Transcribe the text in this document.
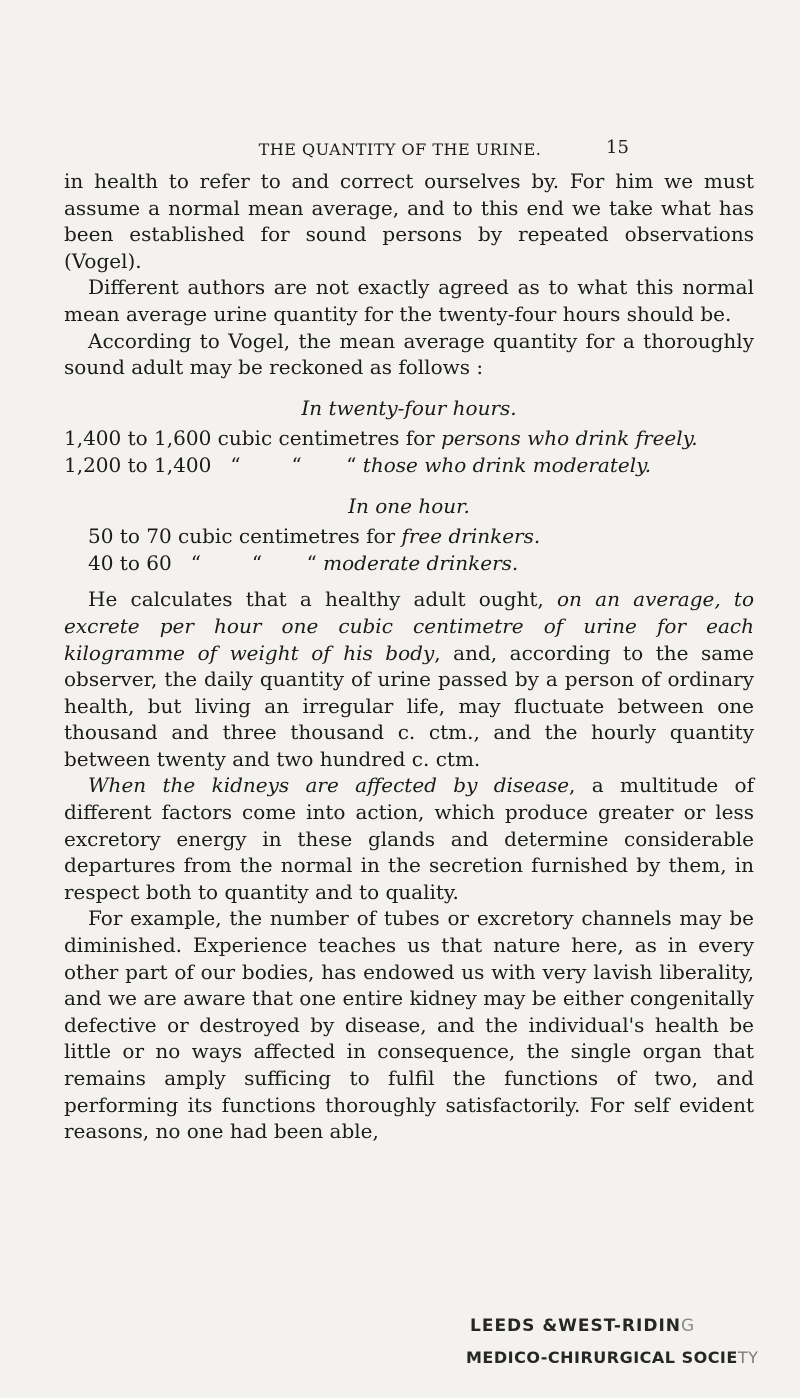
THE QUANTITY OF THE URINE.	15

in health to refer to and correct ourselves by. For him we must assume a normal mean average, and to this end we take what has been established for sound persons by repeated observations (Vogel).

Different authors are not exactly agreed as to what this normal mean average urine quantity for the twenty-four hours should be.

According to Vogel, the mean average quantity for a thoroughly sound adult may be reckoned as follows :

In twenty-four hours.

1,400 to 1,600 cubic centimetres for persons who drink freely.

1,200 to 1,400   “        “       “ those who drink moderately.

In one hour.

50 to 70 cubic centimetres for free drinkers.

40 to 60   “        “       “ moderate drinkers.

He calculates that a healthy adult ought, on an average, to excrete per hour one cubic centimetre of urine for each kilogramme of weight of his body, and, according to the same observer, the daily quantity of urine passed by a person of ordinary health, but living an irregular life, may fluctuate between one thousand and three thousand c. ctm., and the hourly quantity between twenty and two hundred c. ctm.

When the kidneys are affected by disease, a multitude of different factors come into action, which produce greater or less excretory energy in these glands and determine considerable departures from the normal in the secretion furnished by them, in respect both to quantity and to quality.

For example, the number of tubes or excretory channels may be diminished. Experience teaches us that nature here, as in every other part of our bodies, has endowed us with very lavish liberality, and we are aware that one entire kidney may be either congenitally defective or destroyed by disease, and the individual's health be little or no ways affected in consequence, the single organ that remains amply sufficing to fulfil the functions of two, and performing its functions thoroughly satisfactorily. For self evident reasons, no one had been able,

LEEDS &WEST-RIDING
MEDICO-CHIRURGICAL SOCIETY
